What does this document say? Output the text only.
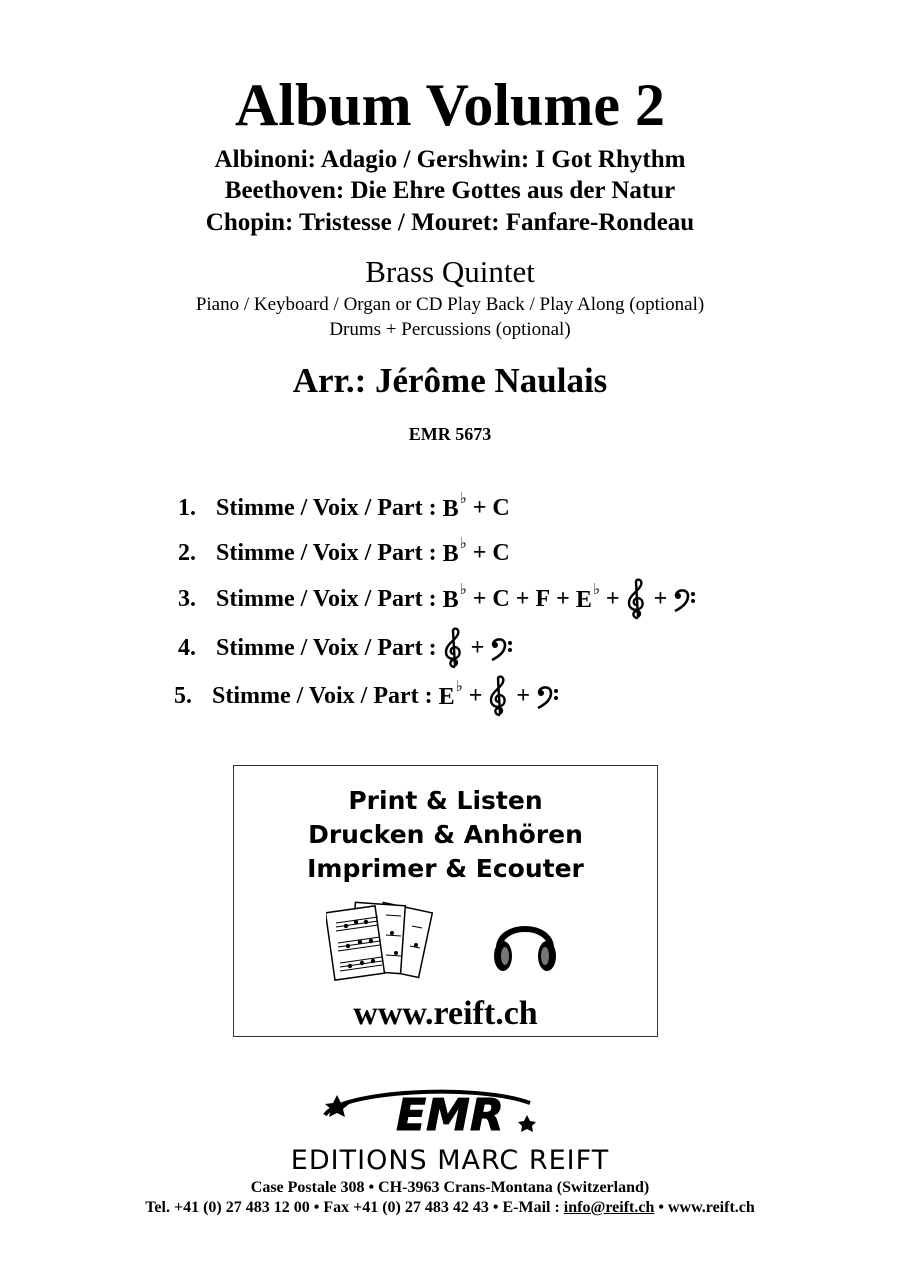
Album Volume 2
Albinoni: Adagio / Gershwin: I Got Rhythm
Beethoven: Die Ehre Gottes aus der Natur
Chopin: Tristesse / Mouret: Fanfare-Rondeau
Brass Quintet
Piano / Keyboard / Organ or CD Play Back / Play Along (optional)
Drums + Percussions (optional)
Arr.: Jérôme Naulais
EMR 5673
1. Stimme / Voix / Part : B♭ + C
2. Stimme / Voix / Part : B♭ + C
3. Stimme / Voix / Part : B♭ + C + F + E♭ + +
4. Stimme / Voix / Part : +
5. Stimme / Voix / Part : E♭ + +
Print & Listen
Drucken & Anhören
Imprimer & Ecouter
www.reift.ch
EMR
EDITIONS MARC REIFT
Case Postale 308 • CH-3963 Crans-Montana (Switzerland)
Tel. +41 (0) 27 483 12 00 • Fax +41 (0) 27 483 42 43 • E-Mail : info@reift.ch • www.reift.ch
